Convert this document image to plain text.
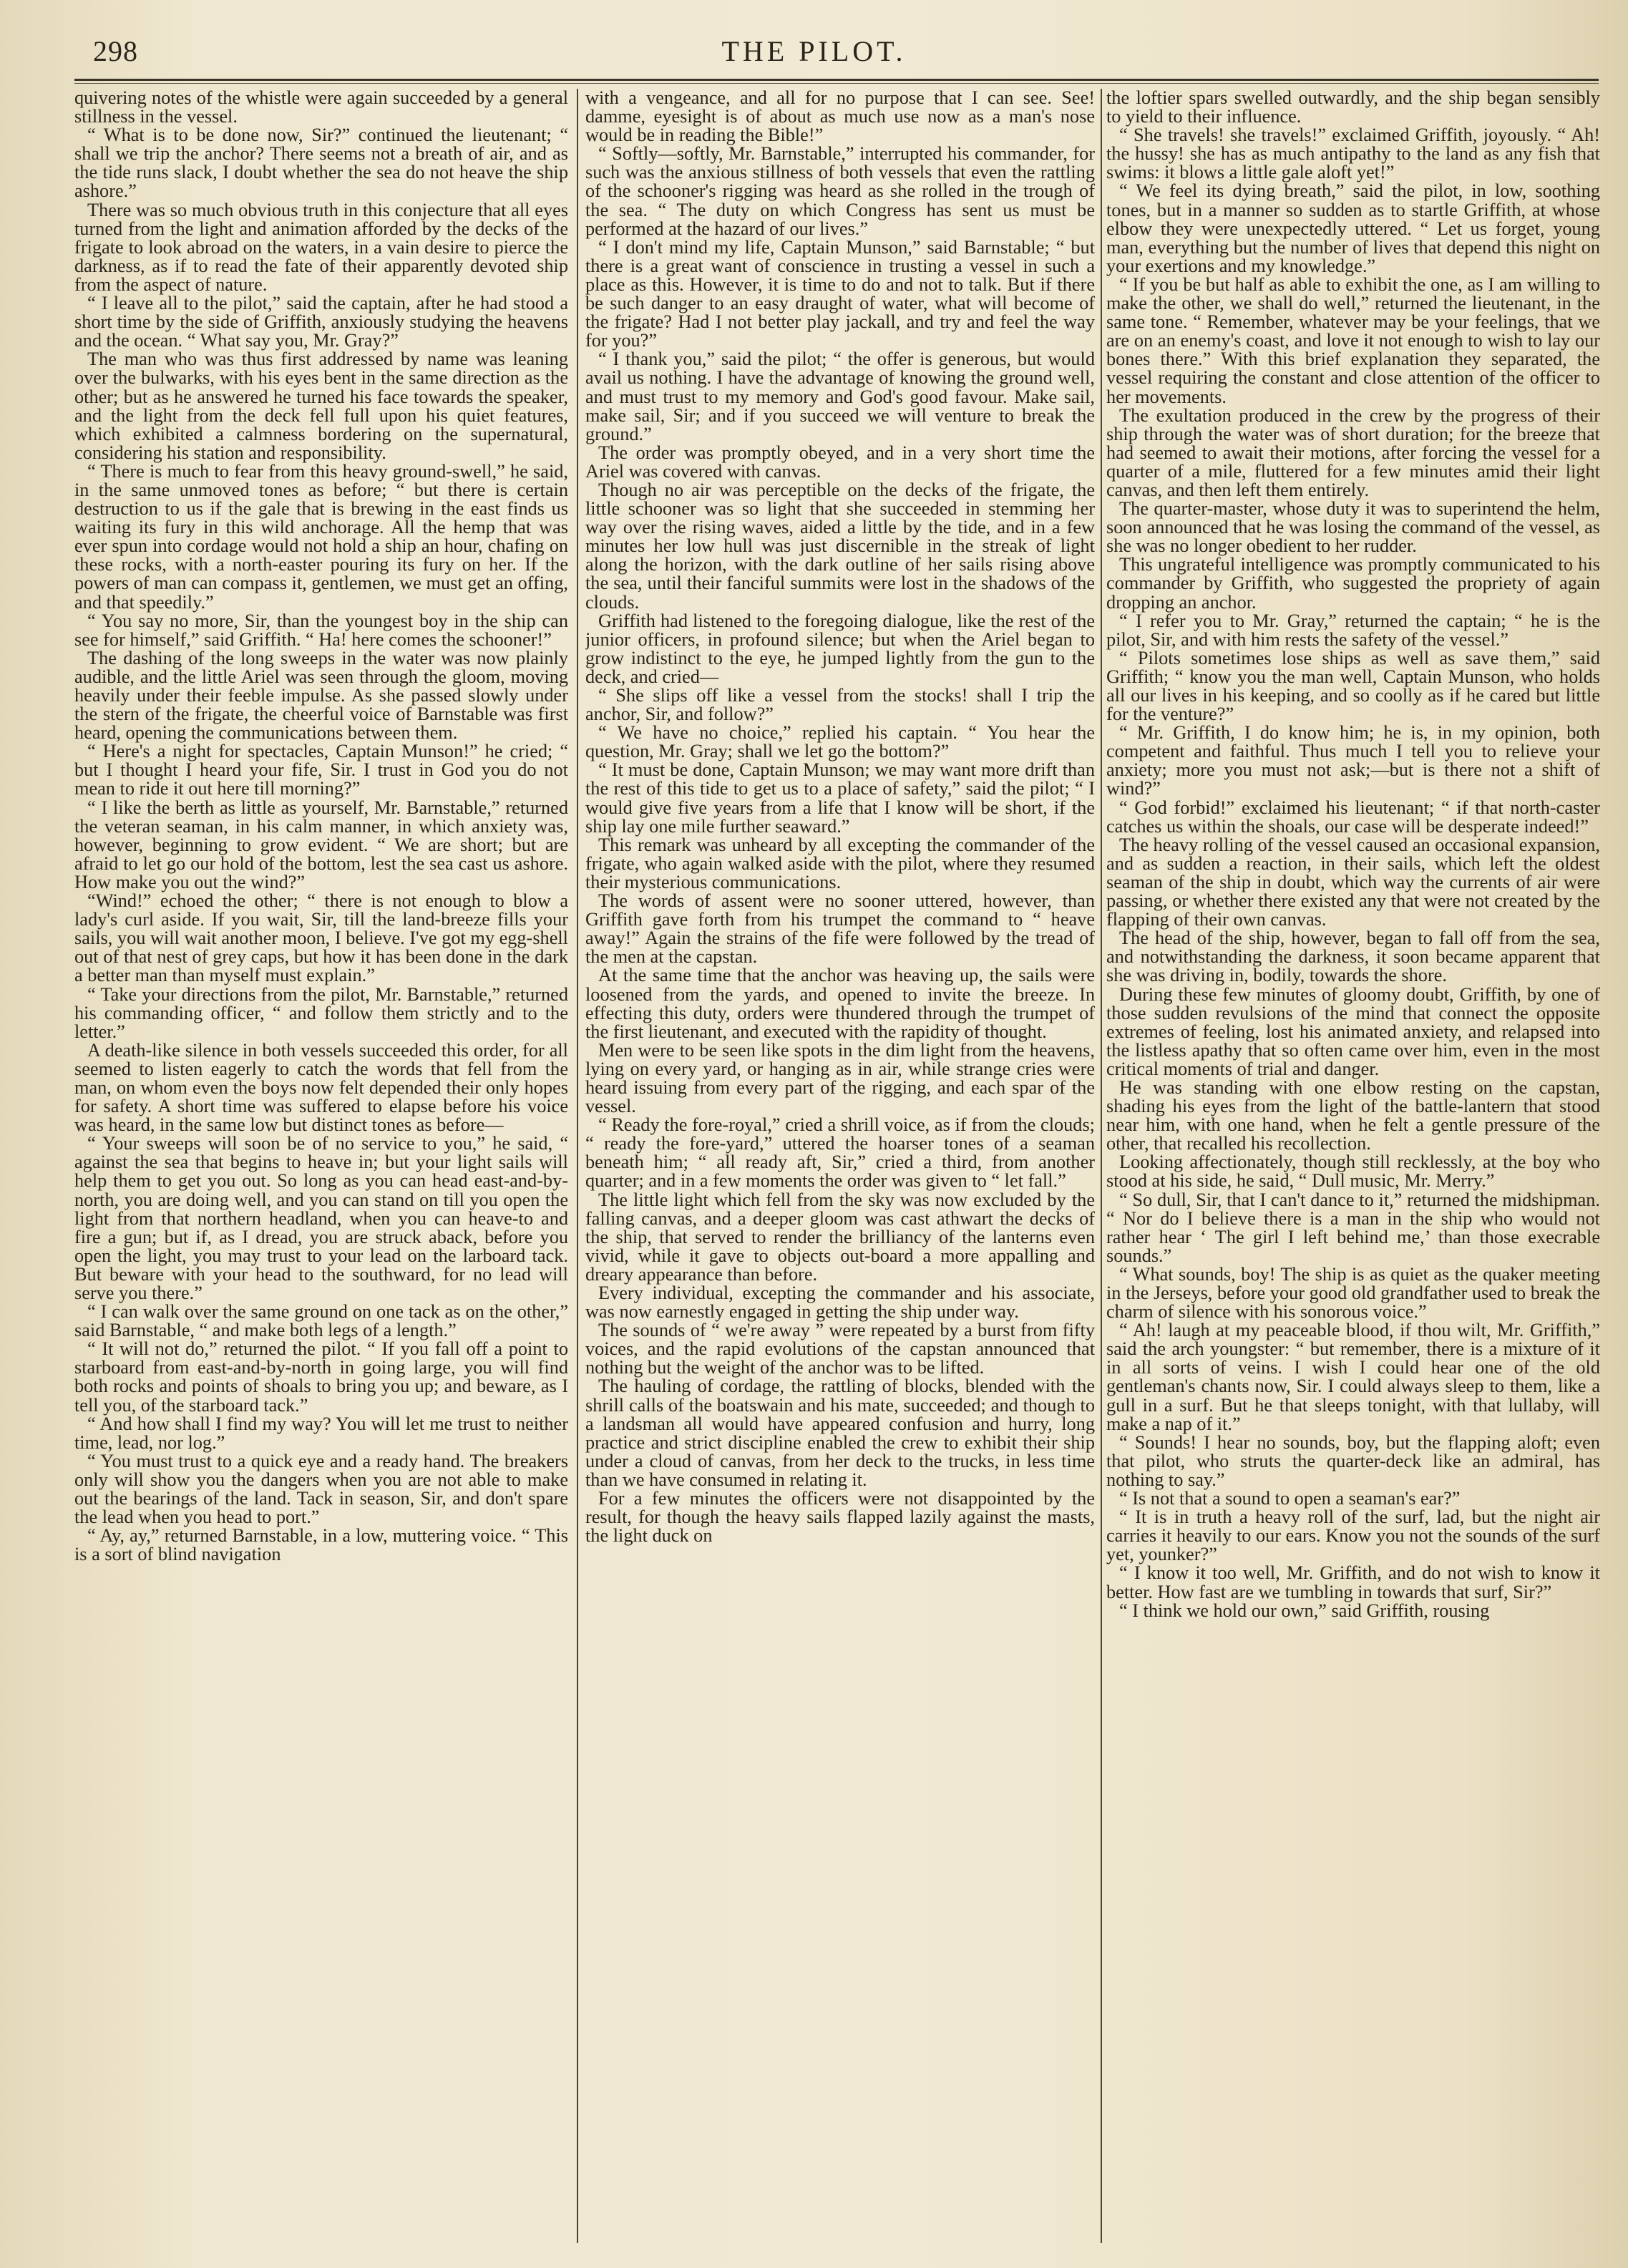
THE PILOT.
298

quivering notes of the whistle were again succeeded by a general stillness in the vessel.

“ What is to be done now, Sir?” continued the lieutenant; “ shall we trip the anchor? There seems not a breath of air, and as the tide runs slack, I doubt whether the sea do not heave the ship ashore.”

There was so much obvious truth in this conjecture that all eyes turned from the light and animation afforded by the decks of the frigate to look abroad on the waters, in a vain desire to pierce the darkness, as if to read the fate of their apparently devoted ship from the aspect of nature.

“ I leave all to the pilot,” said the captain, after he had stood a short time by the side of Griffith, anxiously studying the heavens and the ocean. “ What say you, Mr. Gray?”

The man who was thus first addressed by name was leaning over the bulwarks, with his eyes bent in the same direction as the other; but as he answered he turned his face towards the speaker, and the light from the deck fell full upon his quiet features, which exhibited a calmness bordering on the supernatural, considering his station and responsibility.

“ There is much to fear from this heavy ground-swell,” he said, in the same unmoved tones as before; “ but there is certain destruction to us if the gale that is brewing in the east finds us waiting its fury in this wild anchorage. All the hemp that was ever spun into cordage would not hold a ship an hour, chafing on these rocks, with a north-easter pouring its fury on her. If the powers of man can compass it, gentlemen, we must get an offing, and that speedily.”

“ You say no more, Sir, than the youngest boy in the ship can see for himself,” said Griffith. “ Ha! here comes the schooner!”

The dashing of the long sweeps in the water was now plainly audible, and the little Ariel was seen through the gloom, moving heavily under their feeble impulse. As she passed slowly under the stern of the frigate, the cheerful voice of Barnstable was first heard, opening the communications between them.

“ Here's a night for spectacles, Captain Munson!” he cried; “ but I thought I heard your fife, Sir. I trust in God you do not mean to ride it out here till morning?”

“ I like the berth as little as yourself, Mr. Barnstable,” returned the veteran seaman, in his calm manner, in which anxiety was, however, beginning to grow evident. “ We are short; but are afraid to let go our hold of the bottom, lest the sea cast us ashore. How make you out the wind?”

“Wind!” echoed the other; “ there is not enough to blow a lady's curl aside. If you wait, Sir, till the land-breeze fills your sails, you will wait another moon, I believe. I've got my egg-shell out of that nest of grey caps, but how it has been done in the dark a better man than myself must explain.”

“ Take your directions from the pilot, Mr. Barnstable,” returned his commanding officer, “ and follow them strictly and to the letter.”

A death-like silence in both vessels succeeded this order, for all seemed to listen eagerly to catch the words that fell from the man, on whom even the boys now felt depended their only hopes for safety. A short time was suffered to elapse before his voice was heard, in the same low but distinct tones as before—

“ Your sweeps will soon be of no service to you,” he said, “ against the sea that begins to heave in; but your light sails will help them to get you out. So long as you can head east-and-by-north, you are doing well, and you can stand on till you open the light from that northern headland, when you can heave-to and fire a gun; but if, as I dread, you are struck aback, before you open the light, you may trust to your lead on the larboard tack. But beware with your head to the southward, for no lead will serve you there.”

“ I can walk over the same ground on one tack as on the other,” said Barnstable, “ and make both legs of a length.”

“ It will not do,” returned the pilot. “ If you fall off a point to starboard from east-and-by-north in going large, you will find both rocks and points of shoals to bring you up; and beware, as I tell you, of the starboard tack.”

“ And how shall I find my way? You will let me trust to neither time, lead, nor log.”

“ You must trust to a quick eye and a ready hand. The breakers only will show you the dangers when you are not able to make out the bearings of the land. Tack in season, Sir, and don't spare the lead when you head to port.”

“ Ay, ay,” returned Barnstable, in a low, muttering voice. “ This is a sort of blind navigation

with a vengeance, and all for no purpose that I can see. See! damme, eyesight is of about as much use now as a man's nose would be in reading the Bible!”

“ Softly—softly, Mr. Barnstable,” interrupted his commander, for such was the anxious stillness of both vessels that even the rattling of the schooner's rigging was heard as she rolled in the trough of the sea. “ The duty on which Congress has sent us must be performed at the hazard of our lives.”

“ I don't mind my life, Captain Munson,” said Barnstable; “ but there is a great want of conscience in trusting a vessel in such a place as this. However, it is time to do and not to talk. But if there be such danger to an easy draught of water, what will become of the frigate? Had I not better play jackall, and try and feel the way for you?”

“ I thank you,” said the pilot; “ the offer is generous, but would avail us nothing. I have the advantage of knowing the ground well, and must trust to my memory and God's good favour. Make sail, make sail, Sir; and if you succeed we will venture to break the ground.”

The order was promptly obeyed, and in a very short time the Ariel was covered with canvas.

Though no air was perceptible on the decks of the frigate, the little schooner was so light that she succeeded in stemming her way over the rising waves, aided a little by the tide, and in a few minutes her low hull was just discernible in the streak of light along the horizon, with the dark outline of her sails rising above the sea, until their fanciful summits were lost in the shadows of the clouds.

Griffith had listened to the foregoing dialogue, like the rest of the junior officers, in profound silence; but when the Ariel began to grow indistinct to the eye, he jumped lightly from the gun to the deck, and cried—

“ She slips off like a vessel from the stocks! shall I trip the anchor, Sir, and follow?”

“ We have no choice,” replied his captain. “ You hear the question, Mr. Gray; shall we let go the bottom?”

“ It must be done, Captain Munson; we may want more drift than the rest of this tide to get us to a place of safety,” said the pilot; “ I would give five years from a life that I know will be short, if the ship lay one mile further seaward.”

This remark was unheard by all excepting the commander of the frigate, who again walked aside with the pilot, where they resumed their mysterious communications.

The words of assent were no sooner uttered, however, than Griffith gave forth from his trumpet the command to “ heave away!” Again the strains of the fife were followed by the tread of the men at the capstan.

At the same time that the anchor was heaving up, the sails were loosened from the yards, and opened to invite the breeze. In effecting this duty, orders were thundered through the trumpet of the first lieutenant, and executed with the rapidity of thought.

Men were to be seen like spots in the dim light from the heavens, lying on every yard, or hanging as in air, while strange cries were heard issuing from every part of the rigging, and each spar of the vessel.

“ Ready the fore-royal,” cried a shrill voice, as if from the clouds; “ ready the fore-yard,” uttered the hoarser tones of a seaman beneath him; “ all ready aft, Sir,” cried a third, from another quarter; and in a few moments the order was given to “ let fall.”

The little light which fell from the sky was now excluded by the falling canvas, and a deeper gloom was cast athwart the decks of the ship, that served to render the brilliancy of the lanterns even vivid, while it gave to objects out-board a more appalling and dreary appearance than before.

Every individual, excepting the commander and his associate, was now earnestly engaged in getting the ship under way.

The sounds of “ we're away ” were repeated by a burst from fifty voices, and the rapid evolutions of the capstan announced that nothing but the weight of the anchor was to be lifted.

The hauling of cordage, the rattling of blocks, blended with the shrill calls of the boatswain and his mate, succeeded; and though to a landsman all would have appeared confusion and hurry, long practice and strict discipline enabled the crew to exhibit their ship under a cloud of canvas, from her deck to the trucks, in less time than we have consumed in relating it.

For a few minutes the officers were not disappointed by the result, for though the heavy sails flapped lazily against the masts, the light duck on

the loftier spars swelled outwardly, and the ship began sensibly to yield to their influence.

“ She travels! she travels!” exclaimed Griffith, joyously. “ Ah! the hussy! she has as much antipathy to the land as any fish that swims: it blows a little gale aloft yet!”

“ We feel its dying breath,” said the pilot, in low, soothing tones, but in a manner so sudden as to startle Griffith, at whose elbow they were unexpectedly uttered. “ Let us forget, young man, everything but the number of lives that depend this night on your exertions and my knowledge.”

“ If you be but half as able to exhibit the one, as I am willing to make the other, we shall do well,” returned the lieutenant, in the same tone. “ Remember, whatever may be your feelings, that we are on an enemy's coast, and love it not enough to wish to lay our bones there.” With this brief explanation they separated, the vessel requiring the constant and close attention of the officer to her movements.

The exultation produced in the crew by the progress of their ship through the water was of short duration; for the breeze that had seemed to await their motions, after forcing the vessel for a quarter of a mile, fluttered for a few minutes amid their light canvas, and then left them entirely.

The quarter-master, whose duty it was to superintend the helm, soon announced that he was losing the command of the vessel, as she was no longer obedient to her rudder.

This ungrateful intelligence was promptly communicated to his commander by Griffith, who suggested the propriety of again dropping an anchor.

“ I refer you to Mr. Gray,” returned the captain; “ he is the pilot, Sir, and with him rests the safety of the vessel.”

“ Pilots sometimes lose ships as well as save them,” said Griffith; “ know you the man well, Captain Munson, who holds all our lives in his keeping, and so coolly as if he cared but little for the venture?”

“ Mr. Griffith, I do know him; he is, in my opinion, both competent and faithful. Thus much I tell you to relieve your anxiety; more you must not ask;—but is there not a shift of wind?”

“ God forbid!” exclaimed his lieutenant; “ if that north-caster catches us within the shoals, our case will be desperate indeed!”

The heavy rolling of the vessel caused an occasional expansion, and as sudden a reaction, in their sails, which left the oldest seaman of the ship in doubt, which way the currents of air were passing, or whether there existed any that were not created by the flapping of their own canvas.

The head of the ship, however, began to fall off from the sea, and notwithstanding the darkness, it soon became apparent that she was driving in, bodily, towards the shore.

During these few minutes of gloomy doubt, Griffith, by one of those sudden revulsions of the mind that connect the opposite extremes of feeling, lost his animated anxiety, and relapsed into the listless apathy that so often came over him, even in the most critical moments of trial and danger.

He was standing with one elbow resting on the capstan, shading his eyes from the light of the battle-lantern that stood near him, with one hand, when he felt a gentle pressure of the other, that recalled his recollection.

Looking affectionately, though still recklessly, at the boy who stood at his side, he said, “ Dull music, Mr. Merry.”

“ So dull, Sir, that I can't dance to it,” returned the midshipman. “ Nor do I believe there is a man in the ship who would not rather hear ‘ The girl I left behind me,’ than those execrable sounds.”

“ What sounds, boy! The ship is as quiet as the quaker meeting in the Jerseys, before your good old grandfather used to break the charm of silence with his sonorous voice.”

“ Ah! laugh at my peaceable blood, if thou wilt, Mr. Griffith,” said the arch youngster: “ but remember, there is a mixture of it in all sorts of veins. I wish I could hear one of the old gentleman's chants now, Sir. I could always sleep to them, like a gull in a surf. But he that sleeps tonight, with that lullaby, will make a nap of it.”

“ Sounds! I hear no sounds, boy, but the flapping aloft; even that pilot, who struts the quarter-deck like an admiral, has nothing to say.”

“ Is not that a sound to open a seaman's ear?”

“ It is in truth a heavy roll of the surf, lad, but the night air carries it heavily to our ears. Know you not the sounds of the surf yet, younker?”

“ I know it too well, Mr. Griffith, and do not wish to know it better. How fast are we tumbling in towards that surf, Sir?”

“ I think we hold our own,” said Griffith, rousing
